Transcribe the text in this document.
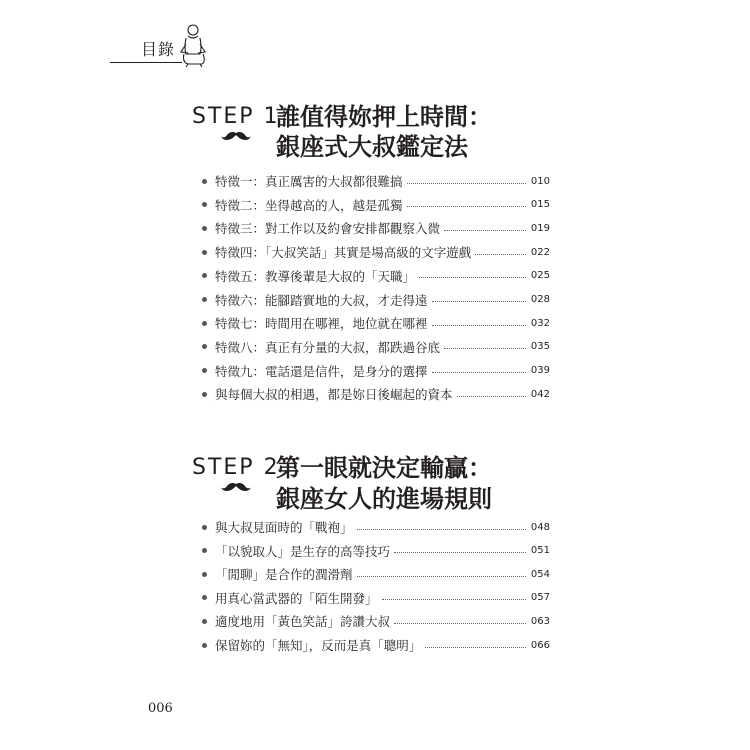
目錄
STEP 1
誰值得妳押上時間：
銀座式大叔鑑定法
特徵一：真正厲害的大叔都很難搞	010
特徵二：坐得越高的人，越是孤獨	015
特徵三：對工作以及約會安排都觀察入微	019
特徵四：「大叔笑話」其實是場高級的文字遊戲	022
特徵五：教導後輩是大叔的「天職」	025
特徵六：能腳踏實地的大叔，才走得遠	028
特徵七：時間用在哪裡，地位就在哪裡	032
特徵八：真正有分量的大叔，都跌過谷底	035
特徵九：電話還是信件，是身分的選擇	039
與每個大叔的相遇，都是妳日後崛起的資本	042
STEP 2
第一眼就決定輸贏：
銀座女人的進場規則
與大叔見面時的「戰袍」	048
「以貌取人」是生存的高等技巧	051
「閒聊」是合作的潤滑劑	054
用真心當武器的「陌生開發」	057
適度地用「黃色笑話」誇讚大叔	063
保留妳的「無知」，反而是真「聰明」	066
006
